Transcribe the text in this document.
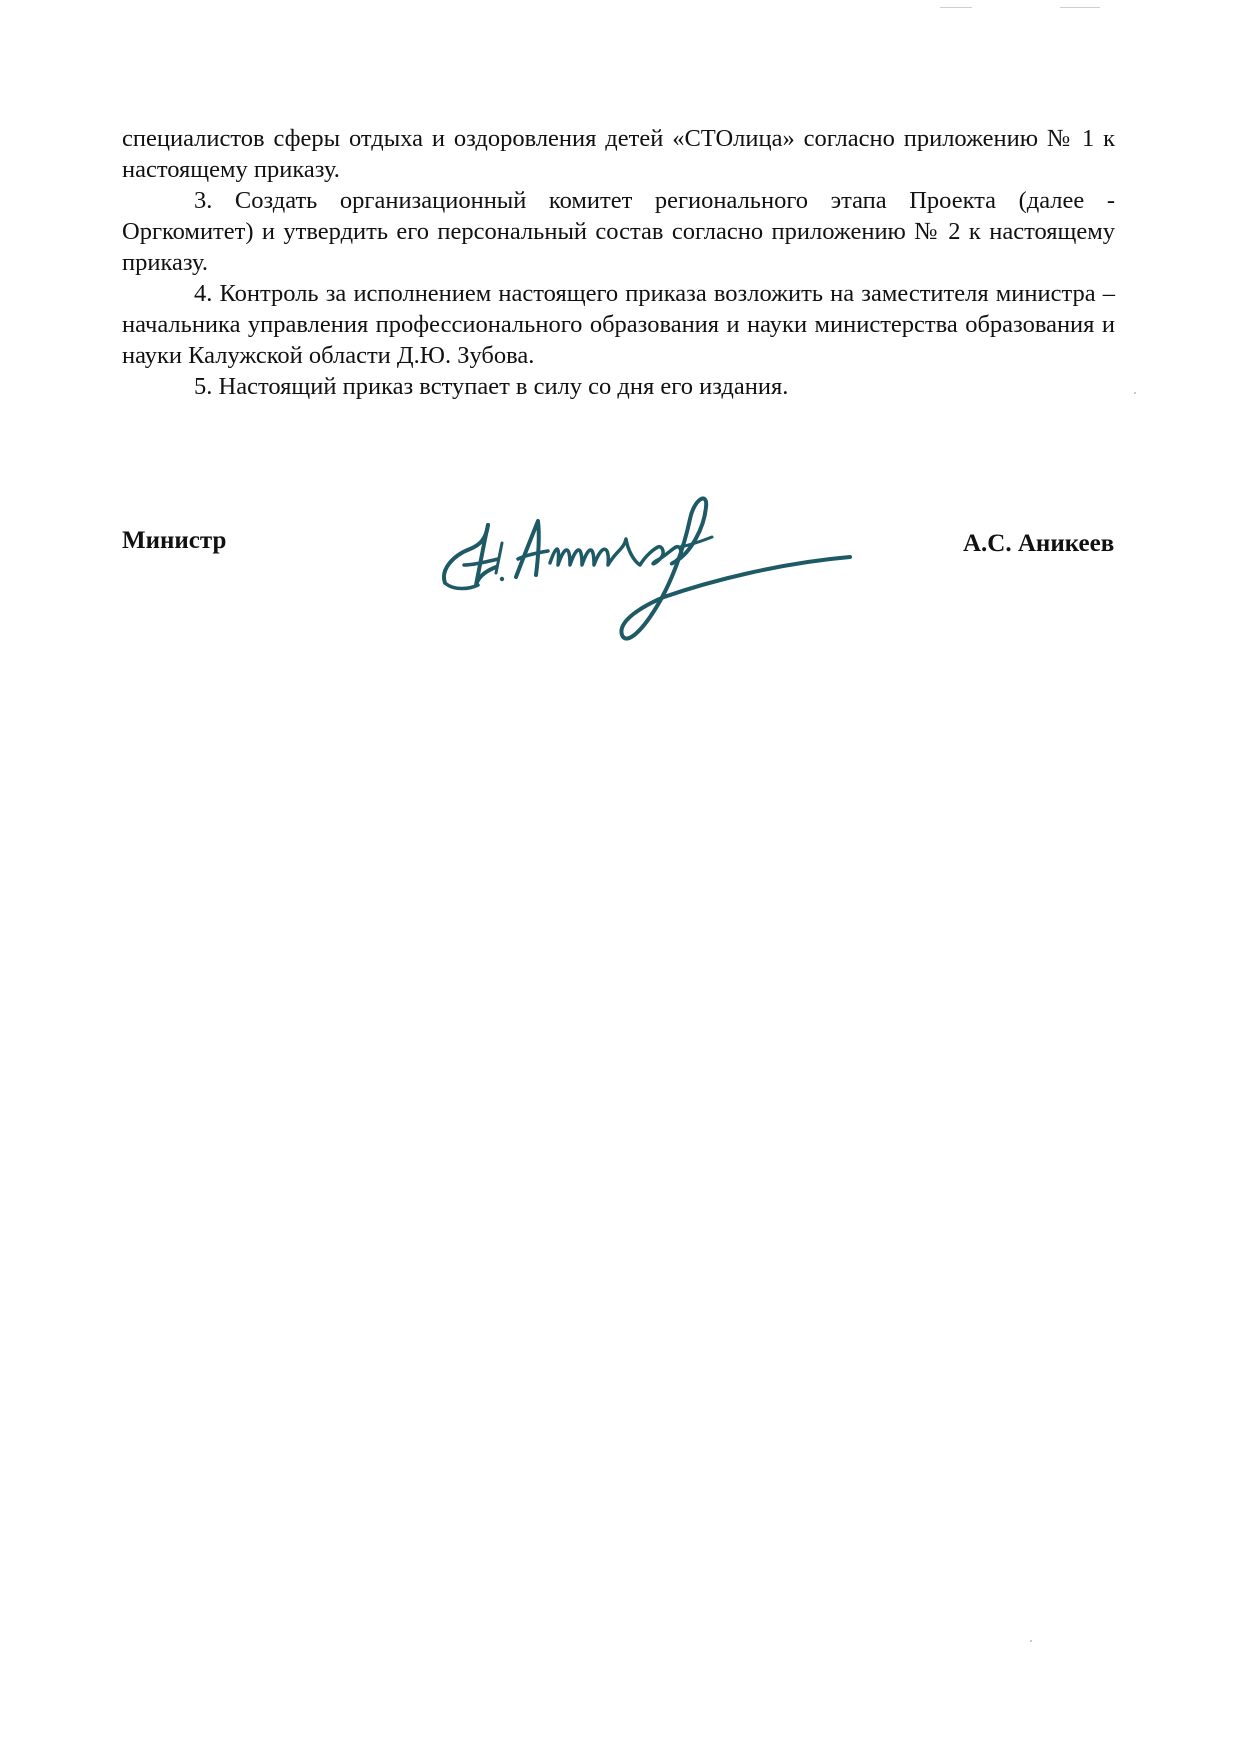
специалистов сферы отдыха и оздоровления детей «СТОлица» согласно приложению № 1 к настоящему приказу.

3. Создать организационный комитет регионального этапа Проекта (далее - Оргкомитет) и утвердить его персональный состав согласно приложению № 2 к настоящему приказу.

4. Контроль за исполнением настоящего приказа возложить на заместителя министра – начальника управления профессионального образования и науки министерства образования и науки Калужской области Д.Ю. Зубова.

5. Настоящий приказ вступает в силу со дня его издания.

Министр	А.С. Аникеев
